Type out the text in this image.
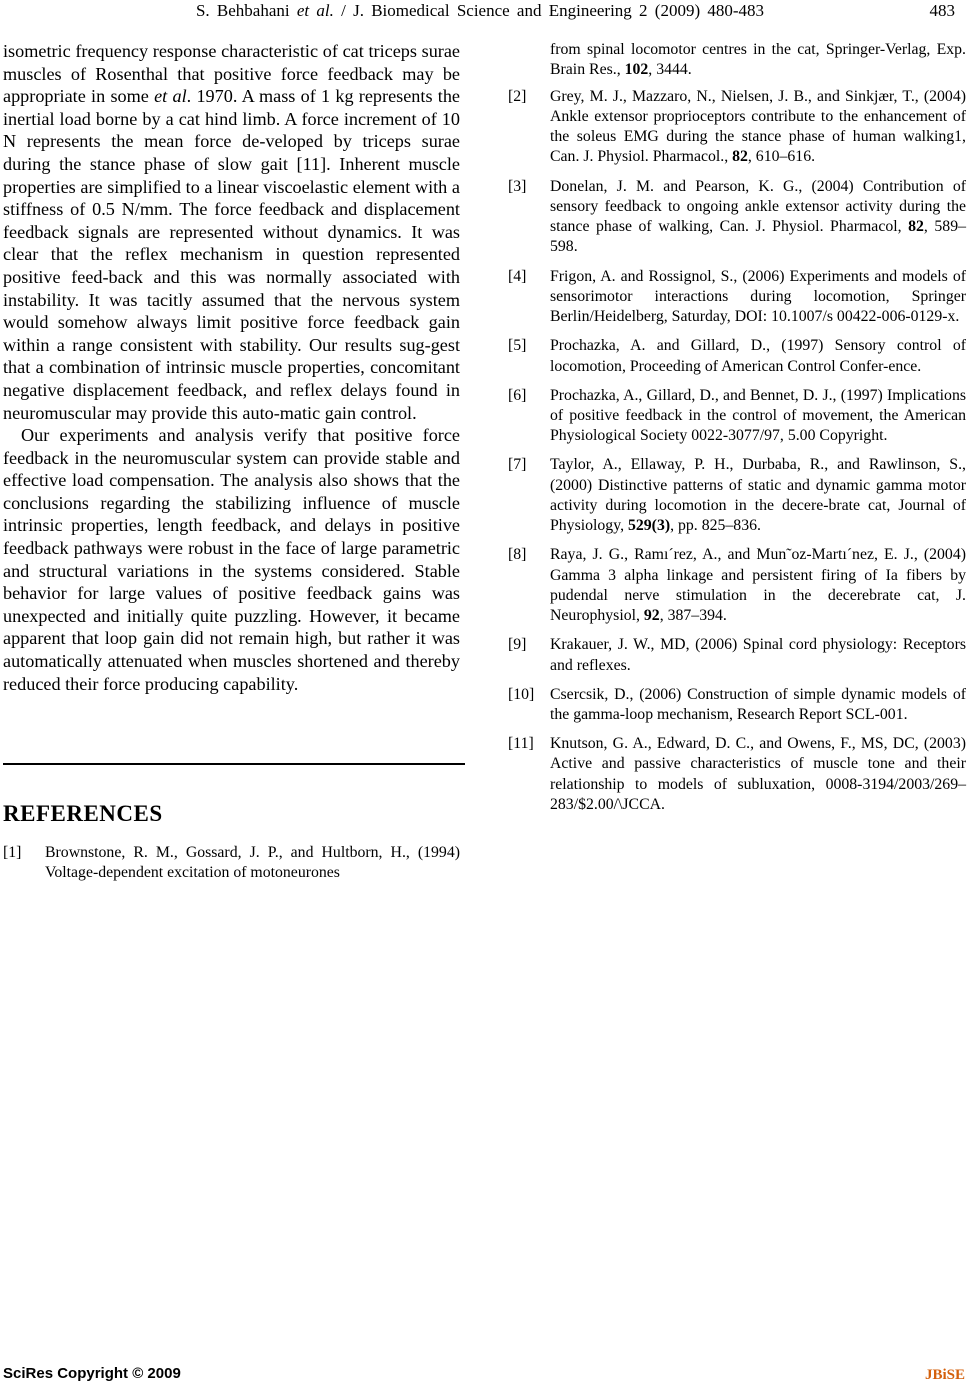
S. Behbahani et al. / J. Biomedical Science and Engineering 2 (2009) 480-483	483

isometric frequency response characteristic of cat triceps surae muscles of Rosenthal that positive force feedback may be appropriate in some et al. 1970. A mass of 1 kg represents the inertial load borne by a cat hind limb. A force increment of 10 N represents the mean force de-veloped by triceps surae during the stance phase of slow gait [11]. Inherent muscle properties are simplified to a linear viscoelastic element with a stiffness of 0.5 N/mm. The force feedback and displacement feedback signals are represented without dynamics. It was clear that the reflex mechanism in question represented positive feed-back and this was normally associated with instability. It was tacitly assumed that the nervous system would somehow always limit positive force feedback gain within a range consistent with stability. Our results sug-gest that a combination of intrinsic muscle properties, concomitant negative displacement feedback, and reflex delays found in neuromuscular may provide this auto-matic gain control.

Our experiments and analysis verify that positive force feedback in the neuromuscular system can provide stable and effective load compensation. The analysis also shows that the conclusions regarding the stabilizing influence of muscle intrinsic properties, length feedback, and delays in positive feedback pathways were robust in the face of large parametric and structural variations in the systems considered. Stable behavior for large values of positive feedback gains was unexpected and initially quite puzzling. However, it became apparent that loop gain did not remain high, but rather it was automatically attenuated when muscles shortened and thereby reduced their force producing capability.

REFERENCES
[1] Brownstone, R. M., Gossard, J. P., and Hultborn, H., (1994) Voltage-dependent excitation of motoneurones
from spinal locomotor centres in the cat, Springer-Verlag, Exp. Brain Res., 102, 3444.
[2] Grey, M. J., Mazzaro, N., Nielsen, J. B., and Sinkjær, T., (2004) Ankle extensor proprioceptors contribute to the enhancement of the soleus EMG during the stance phase of human walking1, Can. J. Physiol. Pharmacol., 82, 610–616.
[3] Donelan, J. M. and Pearson, K. G., (2004) Contribution of sensory feedback to ongoing ankle extensor activity during the stance phase of walking, Can. J. Physiol. Pharmacol, 82, 589–598.
[4] Frigon, A. and Rossignol, S., (2006) Experiments and models of sensorimotor interactions during locomotion, Springer Berlin/Heidelberg, Saturday, DOI: 10.1007/s 00422-006-0129-x.
[5] Prochazka, A. and Gillard, D., (1997) Sensory control of locomotion, Proceeding of American Control Confer-ence.
[6] Prochazka, A., Gillard, D., and Bennet, D. J., (1997) Implications of positive feedback in the control of movement, the American Physiological Society 0022-3077/97, 5.00 Copyright.
[7] Taylor, A., Ellaway, P. H., Durbaba, R., and Rawlinson, S., (2000) Distinctive patterns of static and dynamic gamma motor activity during locomotion in the decere-brate cat, Journal of Physiology, 529(3), pp. 825–836.
[8] Raya, J. G., Ramı´rez, A., and Mun˜oz-Martı´nez, E. J., (2004) Gamma 3 alpha linkage and persistent firing of Ia fibers by pudendal nerve stimulation in the decerebrate cat, J. Neurophysiol, 92, 387–394.
[9] Krakauer, J. W., MD, (2006) Spinal cord physiology: Receptors and reflexes.
[10] Csercsik, D., (2006) Construction of simple dynamic models of the gamma-loop mechanism, Research Report SCL-001.
[11] Knutson, G. A., Edward, D. C., and Owens, F., MS, DC, (2003) Active and passive characteristics of muscle tone and their relationship to models of subluxation, 0008-3194/2003/269–283/$2.00/\JCCA.
SciRes Copyright © 2009	JBiSE
